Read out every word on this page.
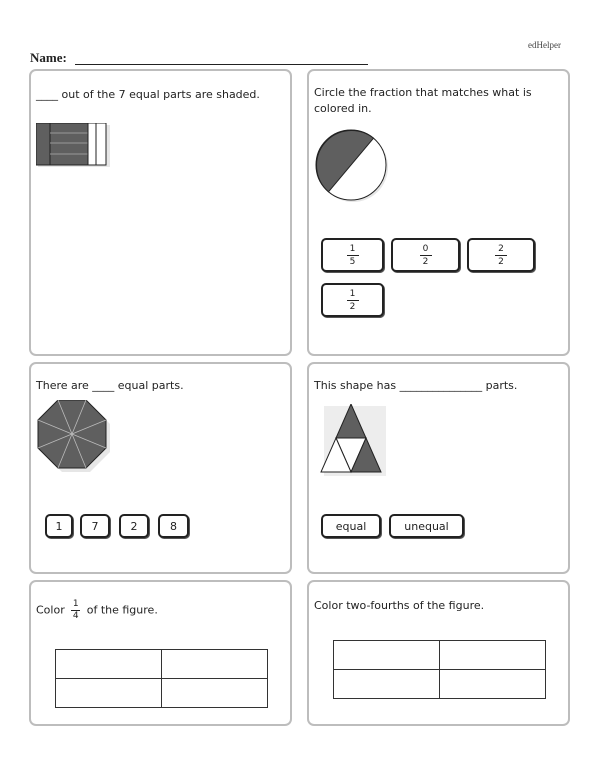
edHelper
Name:
____ out of the 7 equal parts are shaded.	Circle the fraction that matches what is colored in.
$\frac{1}{5}$	$\frac{0}{2}$	$\frac{2}{2}$
$\frac{1}{2}$
There are ____ equal parts.
1	7	2	8
This shape has _______________ parts.
equal	unequal
Color $\frac{1}{4}$ of the figure.

		Color two-fourths of the figure.
